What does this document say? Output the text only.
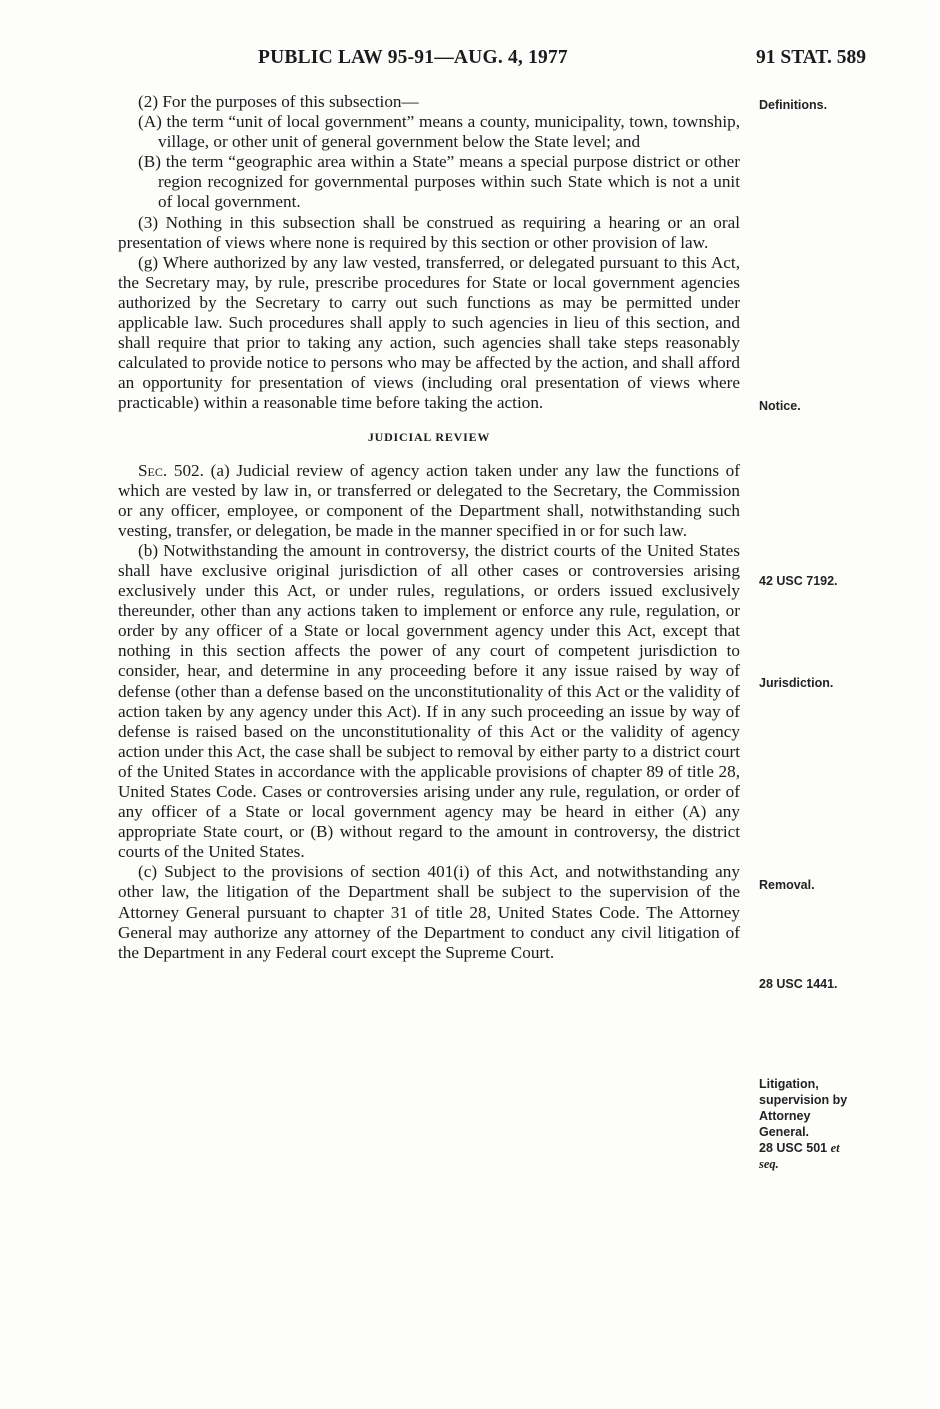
PUBLIC LAW 95-91—AUG. 4, 1977	91 STAT. 589

(2) For the purposes of this subsection—

(A) the term “unit of local government” means a county, municipality, town, township, village, or other unit of general government below the State level; and

(B) the term “geographic area within a State” means a special purpose district or other region recognized for governmental purposes within such State which is not a unit of local government.

(3) Nothing in this subsection shall be construed as requiring a hearing or an oral presentation of views where none is required by this section or other provision of law.

(g) Where authorized by any law vested, transferred, or delegated pursuant to this Act, the Secretary may, by rule, prescribe procedures for State or local government agencies authorized by the Secretary to carry out such functions as may be permitted under applicable law. Such procedures shall apply to such agencies in lieu of this section, and shall require that prior to taking any action, such agencies shall take steps reasonably calculated to provide notice to persons who may be affected by the action, and shall afford an opportunity for presentation of views (including oral presentation of views where practicable) within a reasonable time before taking the action.

JUDICIAL REVIEW

Sec. 502. (a) Judicial review of agency action taken under any law the functions of which are vested by law in, or transferred or delegated to the Secretary, the Commission or any officer, employee, or component of the Department shall, notwithstanding such vesting, transfer, or delegation, be made in the manner specified in or for such law.

(b) Notwithstanding the amount in controversy, the district courts of the United States shall have exclusive original jurisdiction of all other cases or controversies arising exclusively under this Act, or under rules, regulations, or orders issued exclusively thereunder, other than any actions taken to implement or enforce any rule, regulation, or order by any officer of a State or local government agency under this Act, except that nothing in this section affects the power of any court of competent jurisdiction to consider, hear, and determine in any proceeding before it any issue raised by way of defense (other than a defense based on the unconstitutionality of this Act or the validity of action taken by any agency under this Act). If in any such proceeding an issue by way of defense is raised based on the unconstitutionality of this Act or the validity of agency action under this Act, the case shall be subject to removal by either party to a district court of the United States in accordance with the applicable provisions of chapter 89 of title 28, United States Code. Cases or controversies arising under any rule, regulation, or order of any officer of a State or local government agency may be heard in either (A) any appropriate State court, or (B) without regard to the amount in controversy, the district courts of the United States.

(c) Subject to the provisions of section 401(i) of this Act, and notwithstanding any other law, the litigation of the Department shall be subject to the supervision of the Attorney General pursuant to chapter 31 of title 28, United States Code. The Attorney General may authorize any attorney of the Department to conduct any civil litigation of the Department in any Federal court except the Supreme Court.

Definitions.
Notice.
42 USC 7192.
Jurisdiction.
Removal.
28 USC 1441.
Litigation,
supervision by
Attorney
General.
28 USC 501 et
seq.
